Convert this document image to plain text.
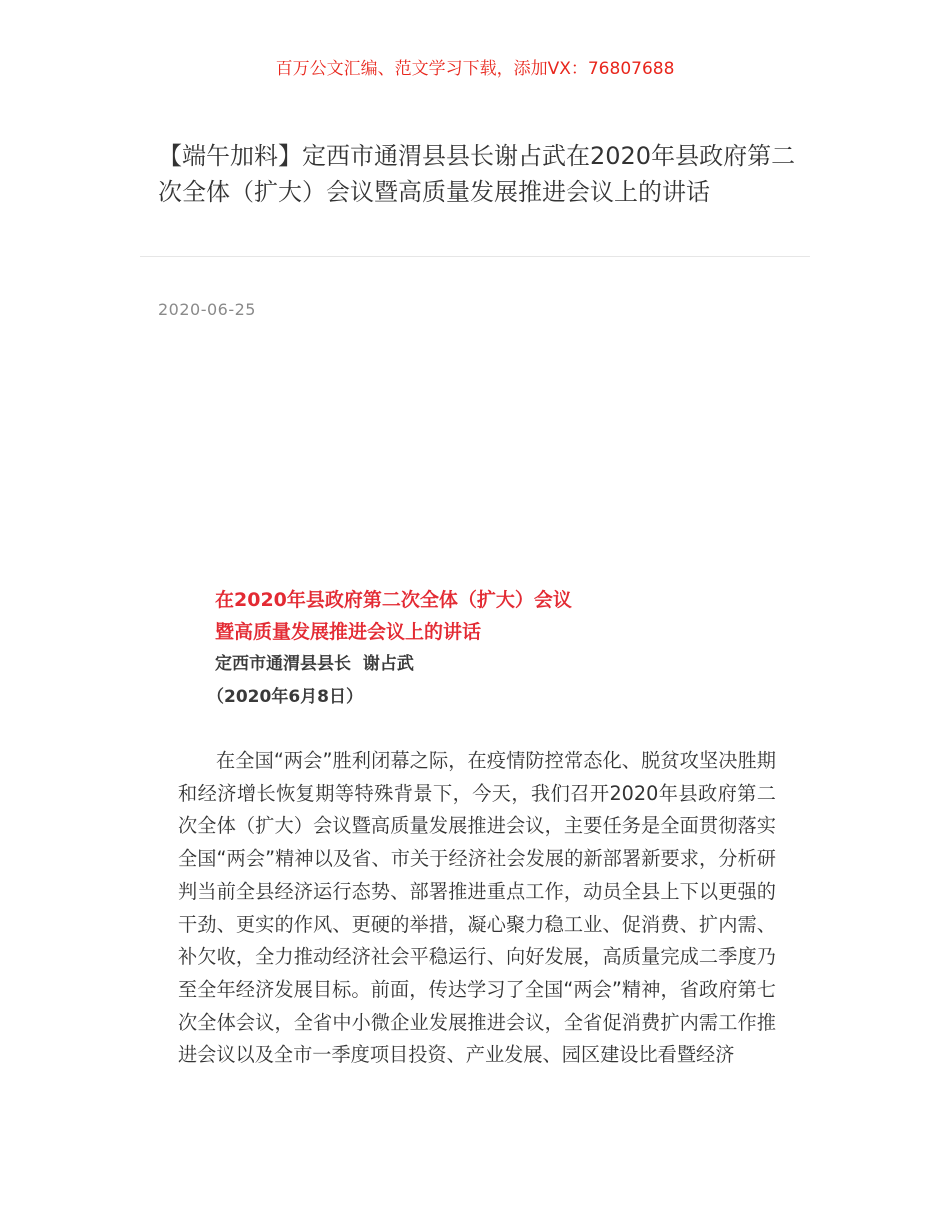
百万公文汇编、范文学习下载，添加VX：76807688
【端午加料】定西市通渭县县长谢占武在2020年县政府第二次全体（扩大）会议暨高质量发展推进会议上的讲话
2020-06-25

在2020年县政府第二次全体（扩大）会议

暨高质量发展推进会议上的讲话

定西市通渭县县长  谢占武

（2020年6月8日）

在全国“两会”胜利闭幕之际，在疫情防控常态化、脱贫攻坚决胜期和经济增长恢复期等特殊背景下，今天，我们召开2020年县政府第二次全体（扩大）会议暨高质量发展推进会议，主要任务是全面贯彻落实全国“两会”精神以及省、市关于经济社会发展的新部署新要求，分析研判当前全县经济运行态势、部署推进重点工作，动员全县上下以更强的干劲、更实的作风、更硬的举措，凝心聚力稳工业、促消费、扩内需、补欠收，全力推动经济社会平稳运行、向好发展，高质量完成二季度乃至全年经济发展目标。前面，传达学习了全国“两会”精神，省政府第七次全体会议，全省中小微企业发展推进会议，全省促消费扩内需工作推进会议以及全市一季度项目投资、产业发展、园区建设比看暨经济
